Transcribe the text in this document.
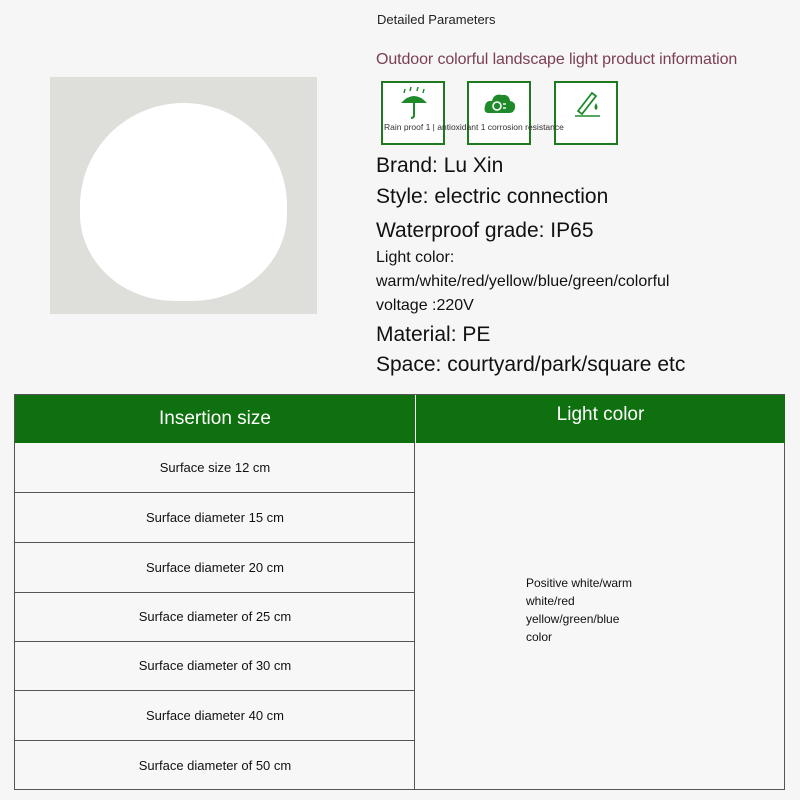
Detailed Parameters
Outdoor colorful landscape light product information
Rain proof 1 | antioxidant 1 corrosion resistance
Brand: Lu Xin
Style: electric connection
Waterproof grade: IP65
Light color:
warm/white/red/yellow/blue/green/colorful
voltage :220V
Material: PE
Space: courtyard/park/square etc
Insertion size	Light color
Surface size 12 cm
Surface diameter 15 cm
Surface diameter 20 cm
Surface diameter of 25 cm
Surface diameter of 30 cm
Surface diameter 40 cm
Surface diameter of 50 cm
Positive white/warm
white/red
yellow/green/blue
color
